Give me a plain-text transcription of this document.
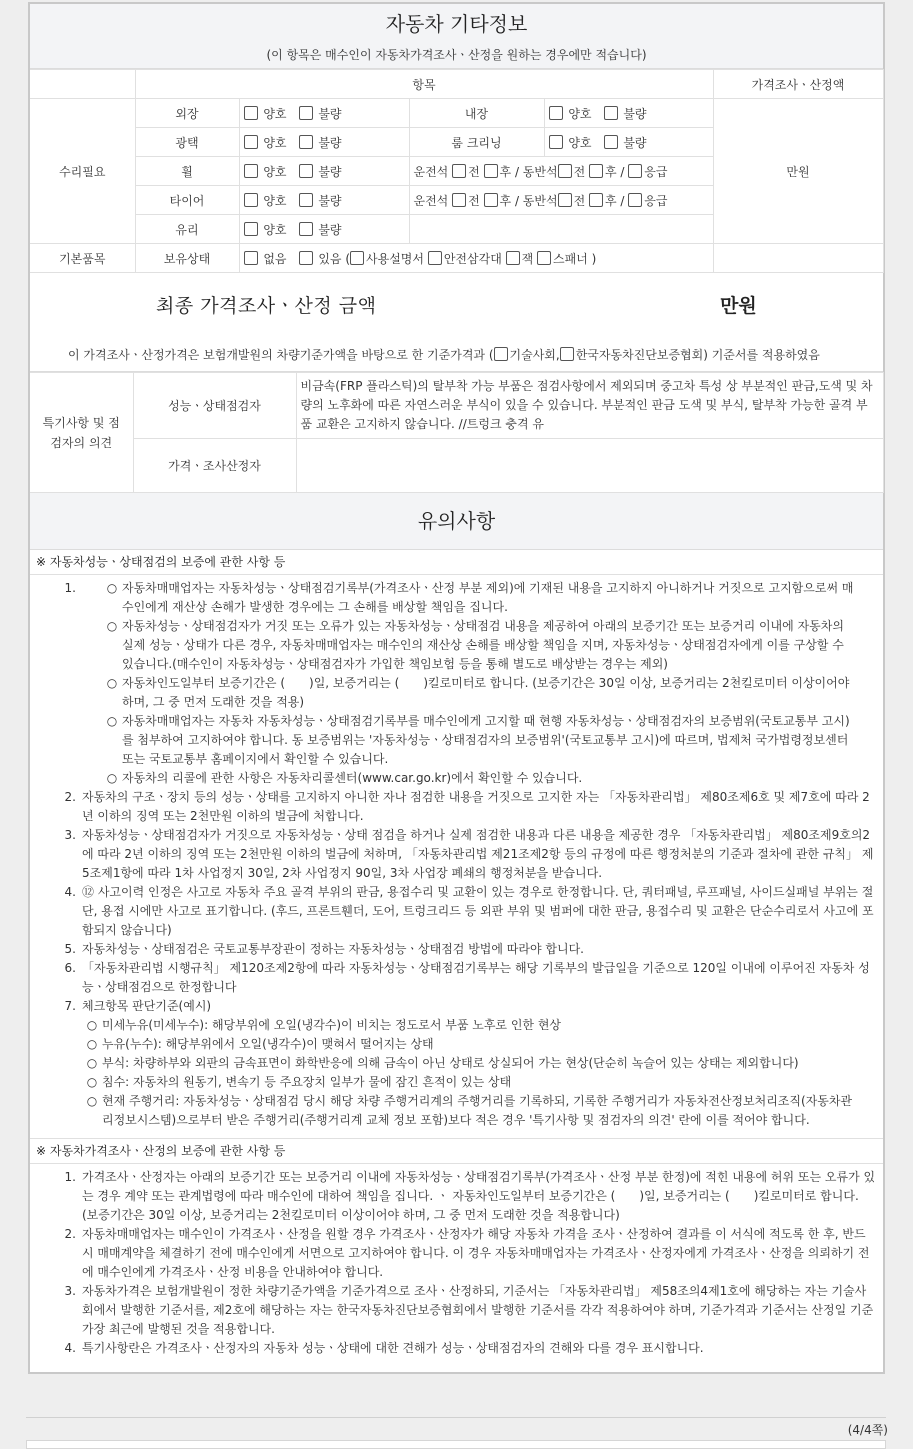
자동차 기타정보
(이 항목은 매수인이 자동차가격조사ㆍ산정을 원하는 경우에만 적습니다)
	항목				가격조사ㆍ산정액
수리필요	외장	양호 불량	내장	양호 불량	만원
	광택	양호 불량	룸 크리닝	양호 불량	
	휠	양호 불량	운전석 전 후 / 동반석 전 후 / 응급		
	타이어	양호 불량	운전석 전 후 / 동반석 전 후 / 응급		
	유리	양호 불량			
기본품목	보유상태	없음 있음 ( 사용설명서 안전삼각대 잭 스패너 )			
최종 가격조사ㆍ산정 금액	만원
이 가격조사ㆍ산정가격은 보험개발원의 차량기준가액을 바탕으로 한 기준가격과 ( 기술사회, 한국자동차진단보증협회) 기준서를 적용하였음
특기사항 및 점검자의 의견	성능ㆍ상태점검자	비금속(FRP 플라스틱)의 탈부착 가능 부품은 점검사항에서 제외되며 중고차 특성 상 부분적인 판금,도색 및 차량의 노후화에 따른 자연스러운 부식이 있을 수 있습니다. 부분적인 판금 도색 및 부식, 탈부착 가능한 골격 부품 교환은 고지하지 않습니다. //트렁크 충격 유
	가격ㆍ조사산정자	
유의사항
※ 자동차성능ㆍ상태점검의 보증에 관한 사항 등
1.	○ 자동차매매업자는 자동차성능ㆍ상태점검기록부(가격조사ㆍ산정 부분 제외)에 기재된 내용을 고지하지 아니하거나 거짓으로 고지함으로써 매수인에게 재산상 손해가 발생한 경우에는 그 손해를 배상할 책임을 집니다.
○ 자동차성능ㆍ상태점검자가 거짓 또는 오류가 있는 자동차성능ㆍ상태점검 내용을 제공하여 아래의 보증기간 또는 보증거리 이내에 자동차의 실제 성능ㆍ상태가 다른 경우, 자동차매매업자는 매수인의 재산상 손해를 배상할 책임을 지며, 자동차성능ㆍ상태점검자에게 이를 구상할 수 있습니다.(매수인이 자동차성능ㆍ상태점검자가 가입한 책임보험 등을 통해 별도로 배상받는 경우는 제외)
○ 자동차인도일부터 보증기간은 (  )일, 보증거리는 (  )킬로미터로 합니다. (보증기간은 30일 이상, 보증거리는 2천킬로미터 이상이어야 하며, 그 중 먼저 도래한 것을 적용)
○ 자동차매매업자는 자동차 자동차성능ㆍ상태점검기록부를 매수인에게 고지할 때 현행 자동차성능ㆍ상태점검자의 보증범위(국토교통부 고시)를 첨부하여 고지하여야 합니다. 동 보증범위는 '자동차성능ㆍ상태점검자의 보증범위'(국토교통부 고시)에 따르며, 법제처 국가법령정보센터 또는 국토교통부 홈페이지에서 확인할 수 있습니다.
○ 자동차의 리콜에 관한 사항은 자동차리콜센터(www.car.go.kr)에서 확인할 수 있습니다.
2. 자동차의 구조ㆍ장치 등의 성능ㆍ상태를 고지하지 아니한 자나 점검한 내용을 거짓으로 고지한 자는 「자동차관리법」 제80조제6호 및 제7호에 따라 2년 이하의 징역 또는 2천만원 이하의 벌금에 처합니다.
3. 자동차성능ㆍ상태점검자가 거짓으로 자동차성능ㆍ상태 점검을 하거나 실제 점검한 내용과 다른 내용을 제공한 경우 「자동차관리법」 제80조제9호의2에 따라 2년 이하의 징역 또는 2천만원 이하의 벌금에 처하며, 「자동차관리법 제21조제2항 등의 규정에 따른 행정처분의 기준과 절차에 관한 규칙」 제5조제1항에 따라 1차 사업정지 30일, 2차 사업정지 90일, 3차 사업장 폐쇄의 행정처분을 받습니다.
4. ⑫ 사고이력 인정은 사고로 자동차 주요 골격 부위의 판금, 용접수리 및 교환이 있는 경우로 한정합니다. 단, 쿼터패널, 루프패널, 사이드실패널 부위는 절단, 용접 시에만 사고로 표기합니다. (후드, 프론트휀더, 도어, 트렁크리드 등 외판 부위 및 범퍼에 대한 판금, 용접수리 및 교환은 단순수리로서 사고에 포함되지 않습니다)
5. 자동차성능ㆍ상태점검은 국토교통부장관이 정하는 자동차성능ㆍ상태점검 방법에 따라야 합니다.
6. 「자동차관리법 시행규칙」 제120조제2항에 따라 자동차성능ㆍ상태점검기록부는 해당 기록부의 발급일을 기준으로 120일 이내에 이루어진 자동차 성능ㆍ상태점검으로 한정합니다
7. 체크항목 판단기준(예시)
○ 미세누유(미세누수): 해당부위에 오일(냉각수)이 비치는 정도로서 부품 노후로 인한 현상
○ 누유(누수): 해당부위에서 오일(냉각수)이 맺혀서 떨어지는 상태
○ 부식: 차량하부와 외판의 금속표면이 화학반응에 의해 금속이 아닌 상태로 상실되어 가는 현상(단순히 녹슬어 있는 상태는 제외합니다)
○ 침수: 자동차의 원동기, 변속기 등 주요장치 일부가 물에 잠긴 흔적이 있는 상태
○ 현재 주행거리: 자동차성능ㆍ상태점검 당시 해당 차량 주행거리계의 주행거리를 기록하되, 기록한 주행거리가 자동차전산정보처리조직(자동차관리정보시스템)으로부터 받은 주행거리(주행거리계 교체 정보 포함)보다 적은 경우 '특기사항 및 점검자의 의견' 란에 이를 적어야 합니다.
※ 자동차가격조사ㆍ산정의 보증에 관한 사항 등
1. 가격조사ㆍ산정자는 아래의 보증기간 또는 보증거리 이내에 자동차성능ㆍ상태점검기록부(가격조사ㆍ산정 부분 한정)에 적힌 내용에 허위 또는 오류가 있는 경우 계약 또는 관계법령에 따라 매수인에 대하여 책임을 집니다. ㆍ 자동차인도일부터 보증기간은 (  )일, 보증거리는 (  )킬로미터로 합니다. (보증기간은 30일 이상, 보증거리는 2천킬로미터 이상이어야 하며, 그 중 먼저 도래한 것을 적용합니다)
2. 자동차매매업자는 매수인이 가격조사ㆍ산정을 원할 경우 가격조사ㆍ산정자가 해당 자동차 가격을 조사ㆍ산정하여 결과를 이 서식에 적도록 한 후, 반드시 매매계약을 체결하기 전에 매수인에게 서면으로 고지하여야 합니다. 이 경우 자동차매매업자는 가격조사ㆍ산정자에게 가격조사ㆍ산정을 의뢰하기 전에 매수인에게 가격조사ㆍ산정 비용을 안내하여야 합니다.
3. 자동차가격은 보험개발원이 정한 차량기준가액을 기준가격으로 조사ㆍ산정하되, 기준서는 「자동차관리법」 제58조의4제1호에 해당하는 자는 기술사회에서 발행한 기준서를, 제2호에 해당하는 자는 한국자동차진단보증협회에서 발행한 기준서를 각각 적용하여야 하며, 기준가격과 기준서는 산정일 기준 가장 최근에 발행된 것을 적용합니다.
4. 특기사항란은 가격조사ㆍ산정자의 자동차 성능ㆍ상태에 대한 견해가 성능ㆍ상태점검자의 견해와 다를 경우 표시합니다.
(4/4쪽)
